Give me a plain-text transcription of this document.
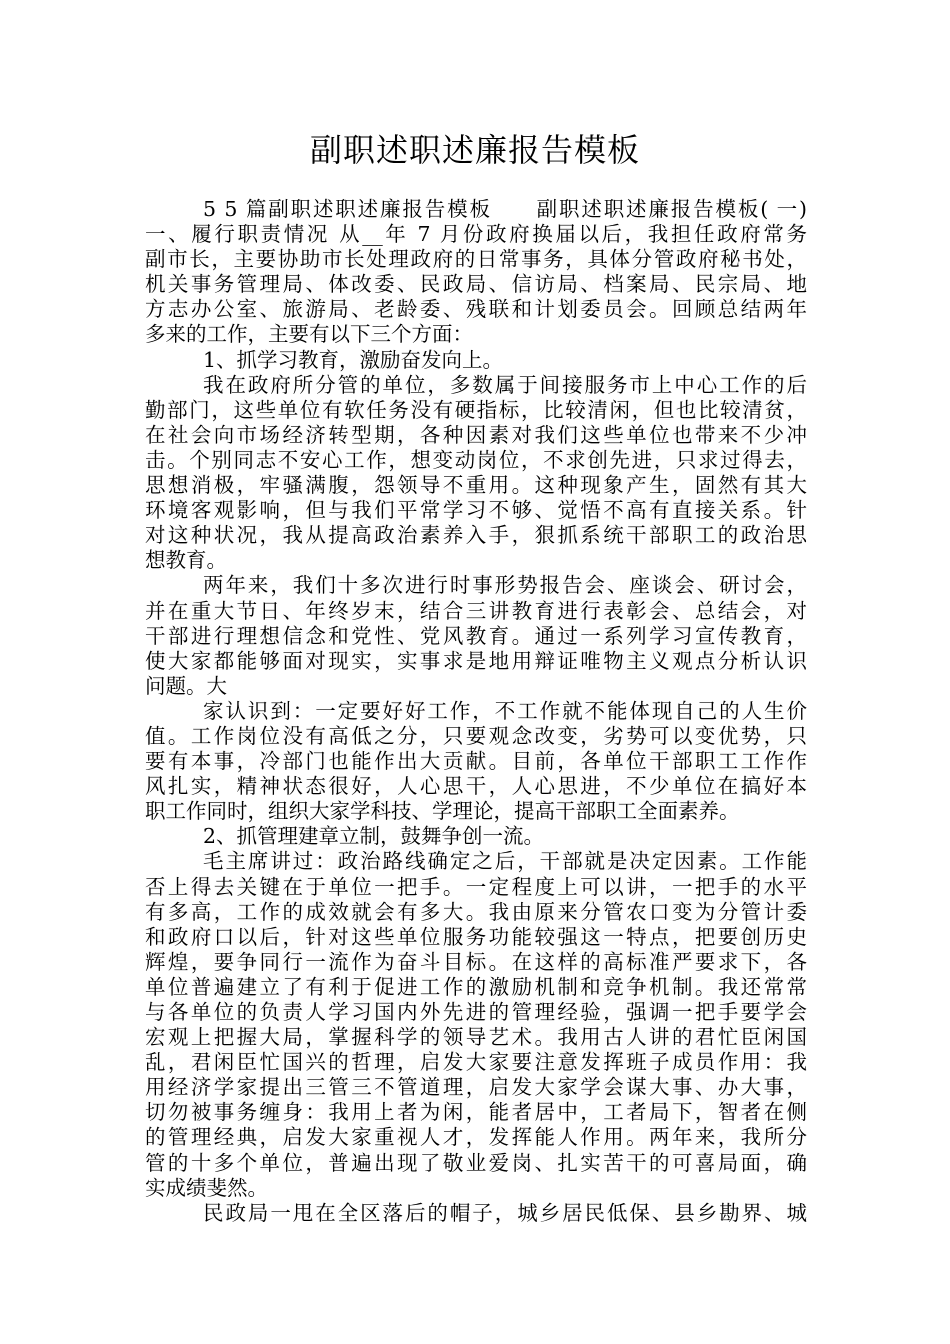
副职述职述廉报告模板
5 5 篇副职述职述廉报告模板　　副职述职述廉报告模板( 一)
一、履行职责情况 从__年 7 月份政府换届以后，我担任政府常务
副市长，主要协助市长处理政府的日常事务，具体分管政府秘书处，
机关事务管理局、体改委、民政局、信访局、档案局、民宗局、地
方志办公室、旅游局、老龄委、残联和计划委员会。回顾总结两年
多来的工作，主要有以下三个方面：
1、抓学习教育，激励奋发向上。
我在政府所分管的单位，多数属于间接服务市上中心工作的后
勤部门，这些单位有软任务没有硬指标，比较清闲，但也比较清贫，
在社会向市场经济转型期，各种因素对我们这些单位也带来不少冲
击。个别同志不安心工作，想变动岗位，不求创先进，只求过得去，
思想消极，牢骚满腹，怨领导不重用。这种现象产生，固然有其大
环境客观影响，但与我们平常学习不够、觉悟不高有直接关系。针
对这种状况，我从提高政治素养入手，狠抓系统干部职工的政治思
想教育。
两年来，我们十多次进行时事形势报告会、座谈会、研讨会，
并在重大节日、年终岁末，结合三讲教育进行表彰会、总结会，对
干部进行理想信念和党性、党风教育。通过一系列学习宣传教育，
使大家都能够面对现实，实事求是地用辩证唯物主义观点分析认识
问题。大
家认识到：一定要好好工作，不工作就不能体现自己的人生价
值。工作岗位没有高低之分，只要观念改变，劣势可以变优势，只
要有本事，冷部门也能作出大贡献。目前，各单位干部职工工作作
风扎实，精神状态很好，人心思干，人心思进，不少单位在搞好本
职工作同时，组织大家学科技、学理论，提高干部职工全面素养。
2、抓管理建章立制，鼓舞争创一流。
毛主席讲过：政治路线确定之后，干部就是决定因素。工作能
否上得去关键在于单位一把手。一定程度上可以讲，一把手的水平
有多高，工作的成效就会有多大。我由原来分管农口变为分管计委
和政府口以后，针对这些单位服务功能较强这一特点，把要创历史
辉煌，要争同行一流作为奋斗目标。在这样的高标准严要求下，各
单位普遍建立了有利于促进工作的激励机制和竞争机制。我还常常
与各单位的负责人学习国内外先进的管理经验，强调一把手要学会
宏观上把握大局，掌握科学的领导艺术。我用古人讲的君忙臣闲国
乱，君闲臣忙国兴的哲理，启发大家要注意发挥班子成员作用：我
用经济学家提出三管三不管道理，启发大家学会谋大事、办大事，
切勿被事务缠身：我用上者为闲，能者居中，工者局下，智者在侧
的管理经典，启发大家重视人才，发挥能人作用。两年来，我所分
管的十多个单位，普遍出现了敬业爱岗、扎实苦干的可喜局面，确
实成绩斐然。
民政局一甩在全区落后的帽子，城乡居民低保、县乡勘界、城
